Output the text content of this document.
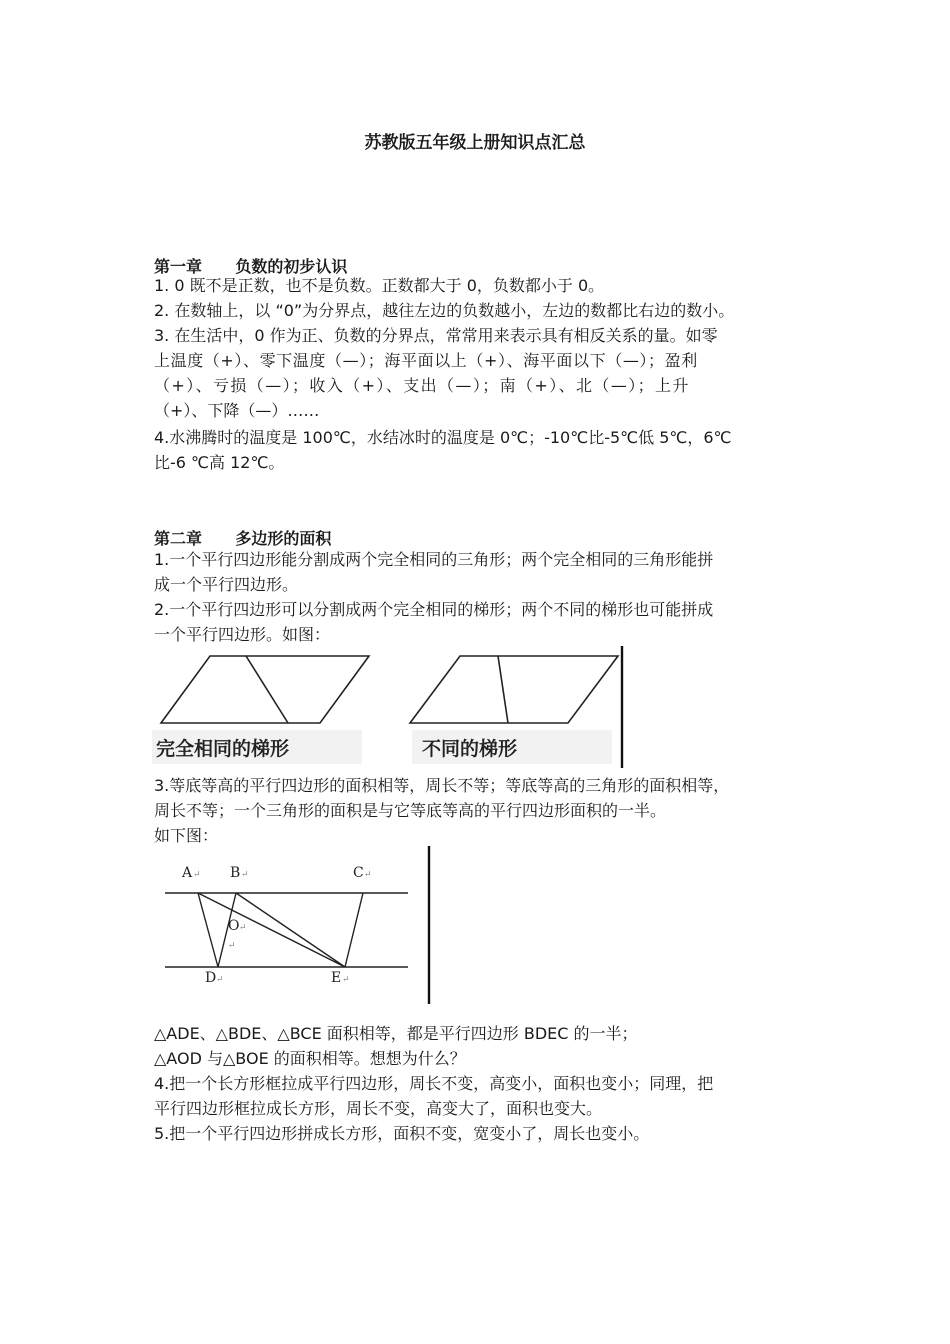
苏教版五年级上册知识点汇总
第一章      负数的初步认识
1. 0 既不是正数，也不是负数。正数都大于 0，负数都小于 0。
2. 在数轴上，以 “0”为分界点，越往左边的负数越小，左边的数都比右边的数小。
3. 在生活中，0 作为正、负数的分界点，常常用来表示具有相反关系的量。如零
上温度（+）、零下温度（—）；海平面以上（+）、海平面以下（—）；盈利
（+）、亏损（—）；收入（+）、支出（—）；南（+）、北（—）；上升
（+）、下降（—）……
4.水沸腾时的温度是 100℃，水结冰时的温度是 0℃；-10℃比-5℃低 5℃，6℃
比-6 ℃高 12℃。
第二章      多边形的面积
1.一个平行四边形能分割成两个完全相同的三角形；两个完全相同的三角形能拼
成一个平行四边形。
2.一个平行四边形可以分割成两个完全相同的梯形；两个不同的梯形也可能拼成
一个平行四边形。如图：
完全相同的梯形	不同的梯形
3.等底等高的平行四边形的面积相等，周长不等；等底等高的三角形的面积相等，
周长不等；一个三角形的面积是与它等底等高的平行四边形面积的一半。
如下图：
A ↵ B ↵	C ↵
O ↵
↵
D ↵	E ↵
△ADE、△BDE、△BCE 面积相等，都是平行四边形 BDEC 的一半；
△AOD 与△BOE 的面积相等。想想为什么？
4.把一个长方形框拉成平行四边形，周长不变，高变小，面积也变小；同理，把
平行四边形框拉成长方形，周长不变，高变大了，面积也变大。
5.把一个平行四边形拼成长方形，面积不变，宽变小了，周长也变小。
